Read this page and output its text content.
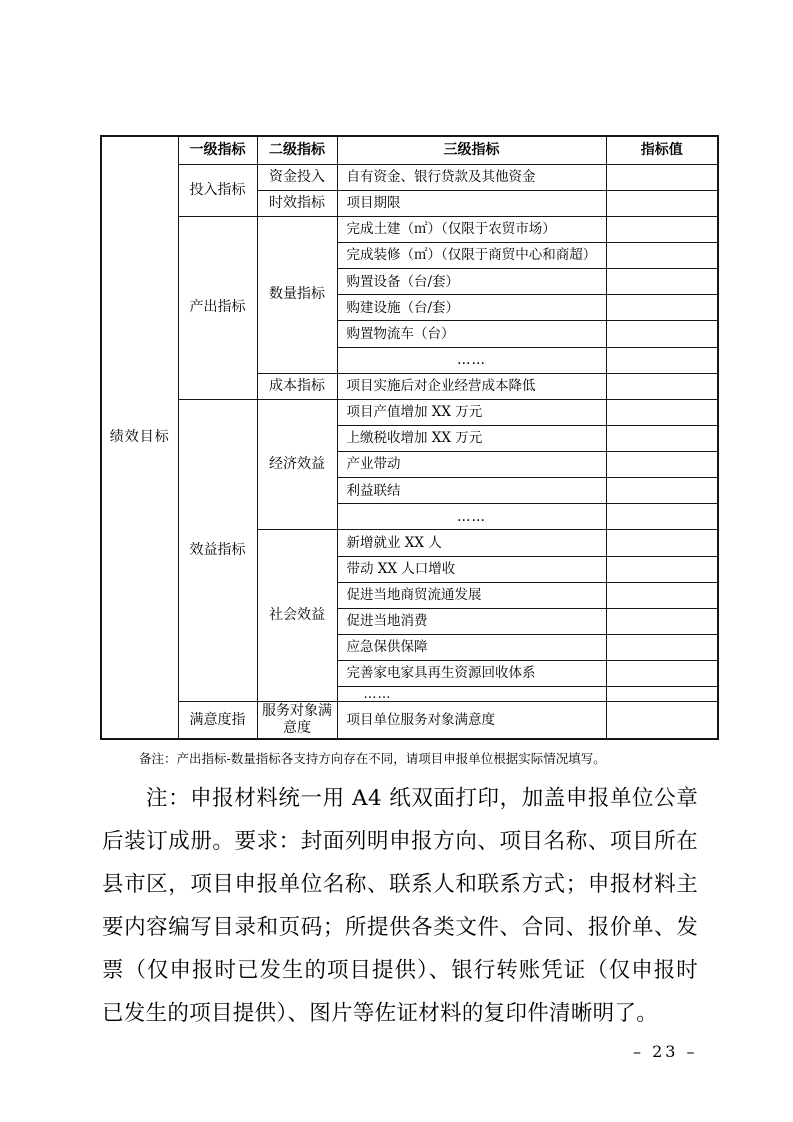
绩效目标	一级指标	二级指标	三级指标	指标值
	投入指标	资金投入	自有资金、银行贷款及其他资金	
		时效指标	项目期限	
	产出指标	数量指标	完成土建（㎡）（仅限于农贸市场）	
			完成装修（㎡）（仅限于商贸中心和商超）	
			购置设备（台/套）	
			购建设施（台/套）	
			购置物流车（台）	
			……	
		成本指标	项目实施后对企业经营成本降低	
	效益指标	经济效益	项目产值增加 XX 万元	
			上缴税收增加 XX 万元	
			产业带动	
			利益联结	
			……	
		社会效益	新增就业 XX 人	
			带动 XX 人口增收	
			促进当地商贸流通发展	
			促进当地消费	
			应急保供保障	
			完善家电家具再生资源回收体系	
			……	
	满意度指	服务对象满意度	项目单位服务对象满意度	
备注：产出指标-数量指标各支持方向存在不同，请项目申报单位根据实际情况填写。
注：申报材料统一用 A4 纸双面打印，加盖申报单位公章后装订成册。要求：封面列明申报方向、项目名称、项目所在县市区，项目申报单位名称、联系人和联系方式；申报材料主要内容编写目录和页码；所提供各类文件、合同、报价单、发票（仅申报时已发生的项目提供）、银行转账凭证（仅申报时已发生的项目提供）、图片等佐证材料的复印件清晰明了。
– 23 –
